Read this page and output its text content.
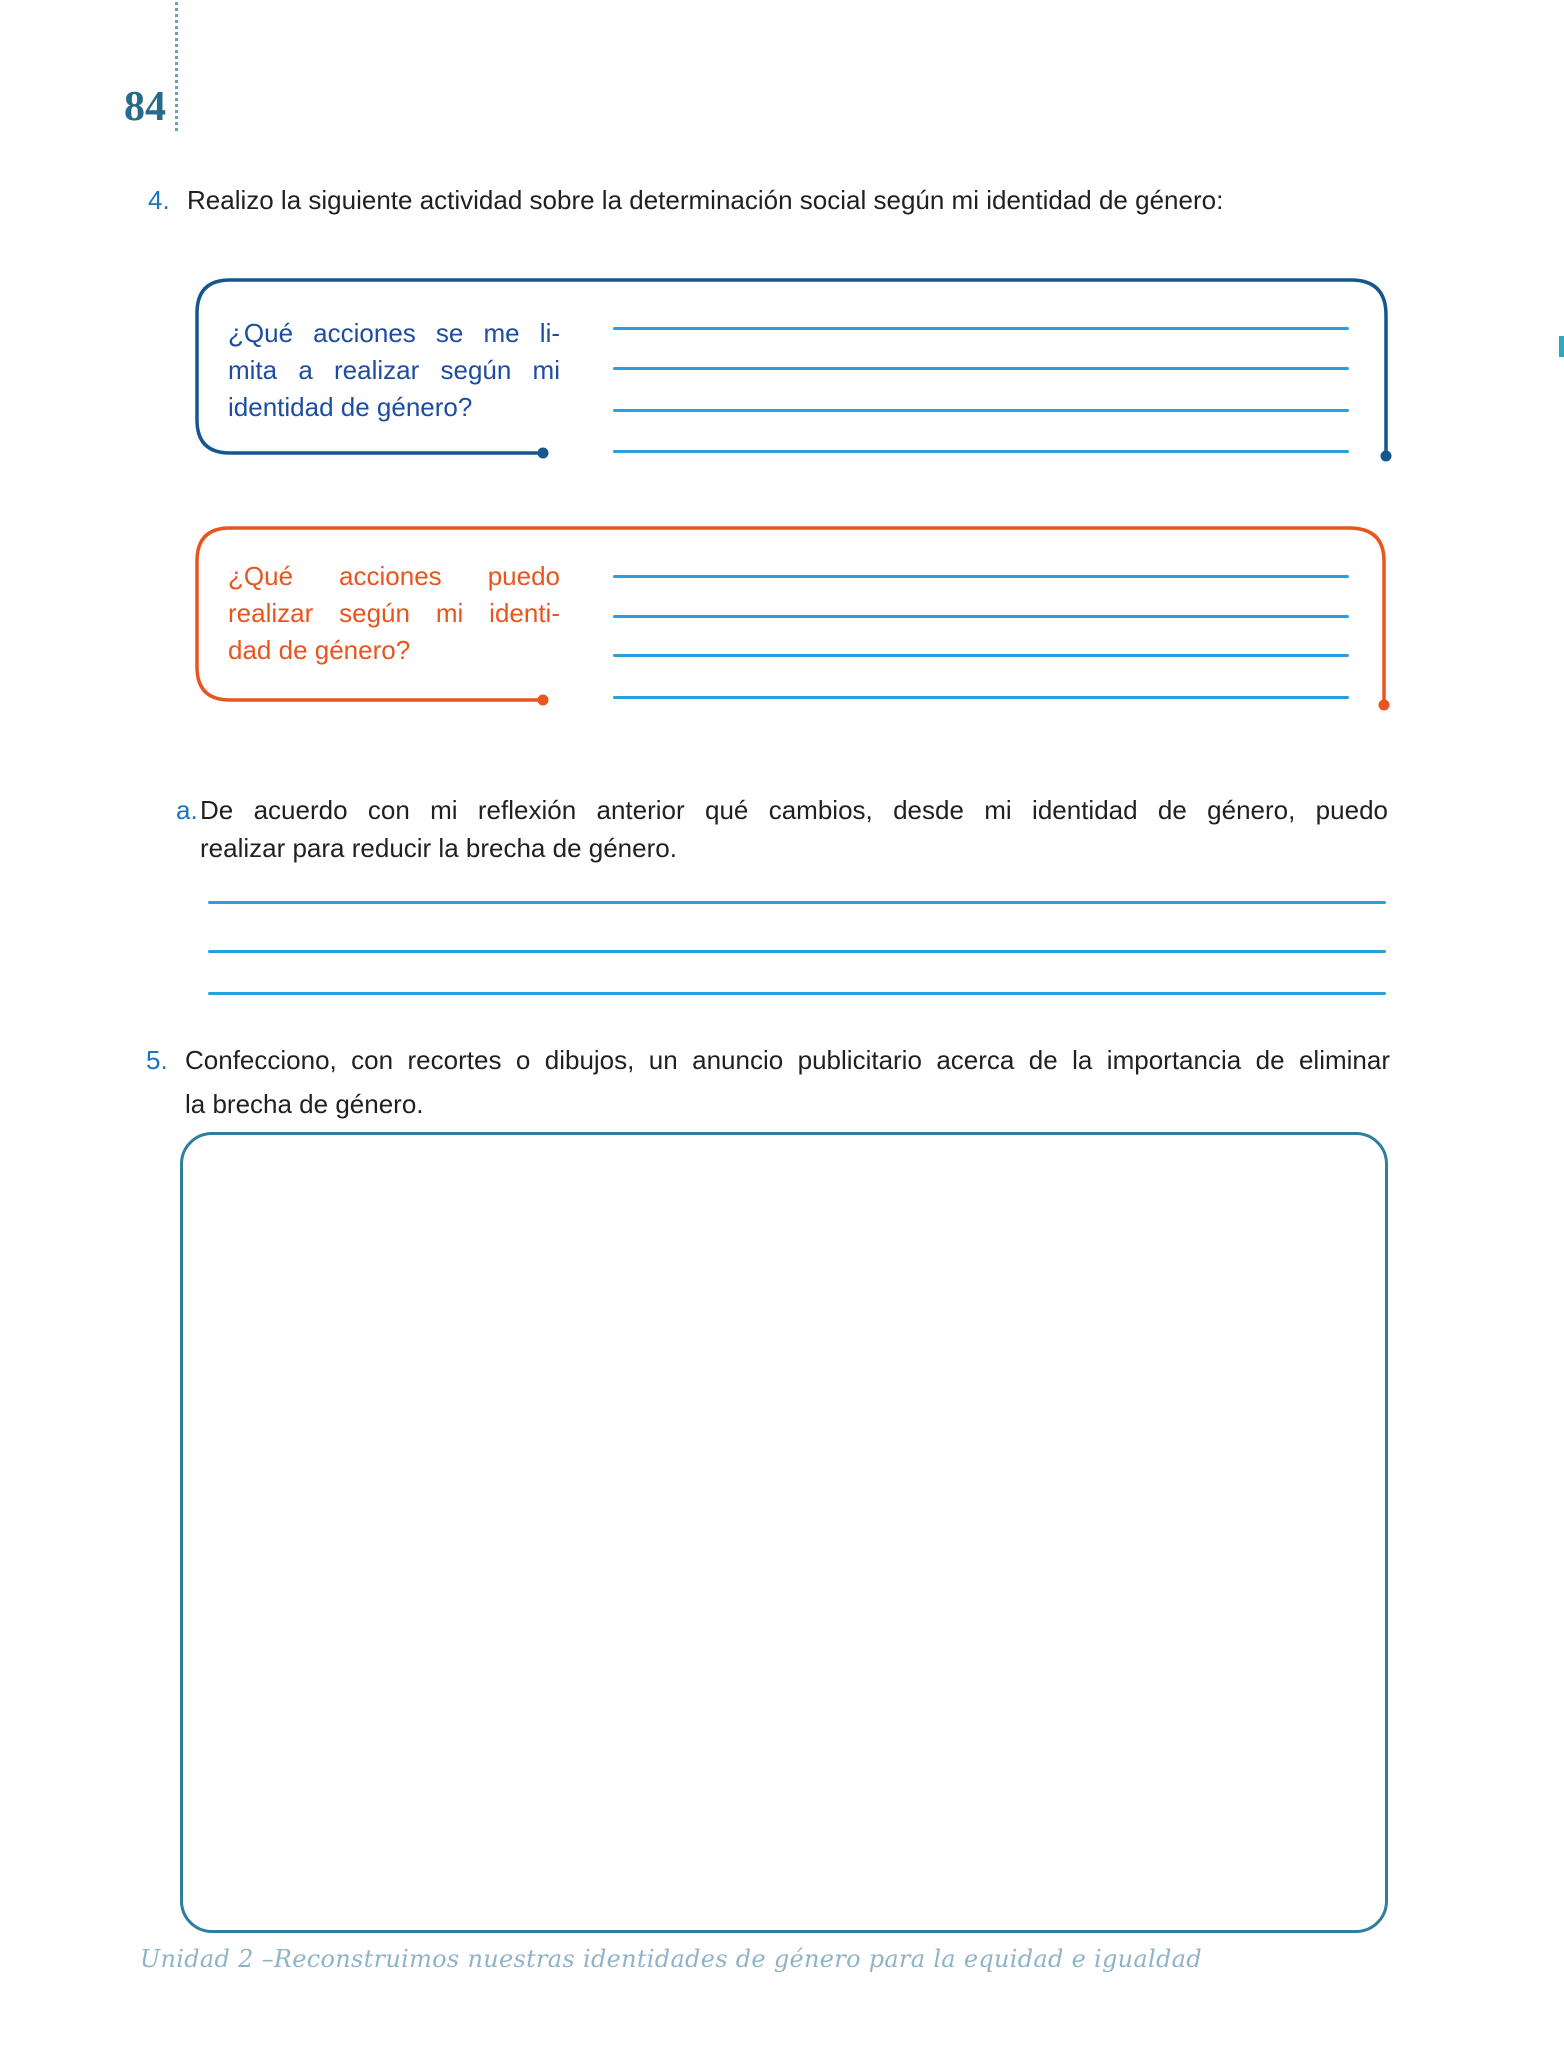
84
4. Realizo la siguiente actividad sobre la determinación social según mi identidad de género:
¿Qué acciones se me li-
mita a realizar según mi
identidad de género?
¿Qué acciones puedo
realizar según mi identi-
dad de género?
a. De acuerdo con mi reflexión anterior qué cambios, desde mi identidad de género, puedo
realizar para reducir la brecha de género.
5. Confecciono, con recortes o dibujos, un anuncio publicitario acerca de la importancia de eliminar
la brecha de género.
Unidad 2 –Reconstruimos nuestras identidades de género para la equidad e igualdad
